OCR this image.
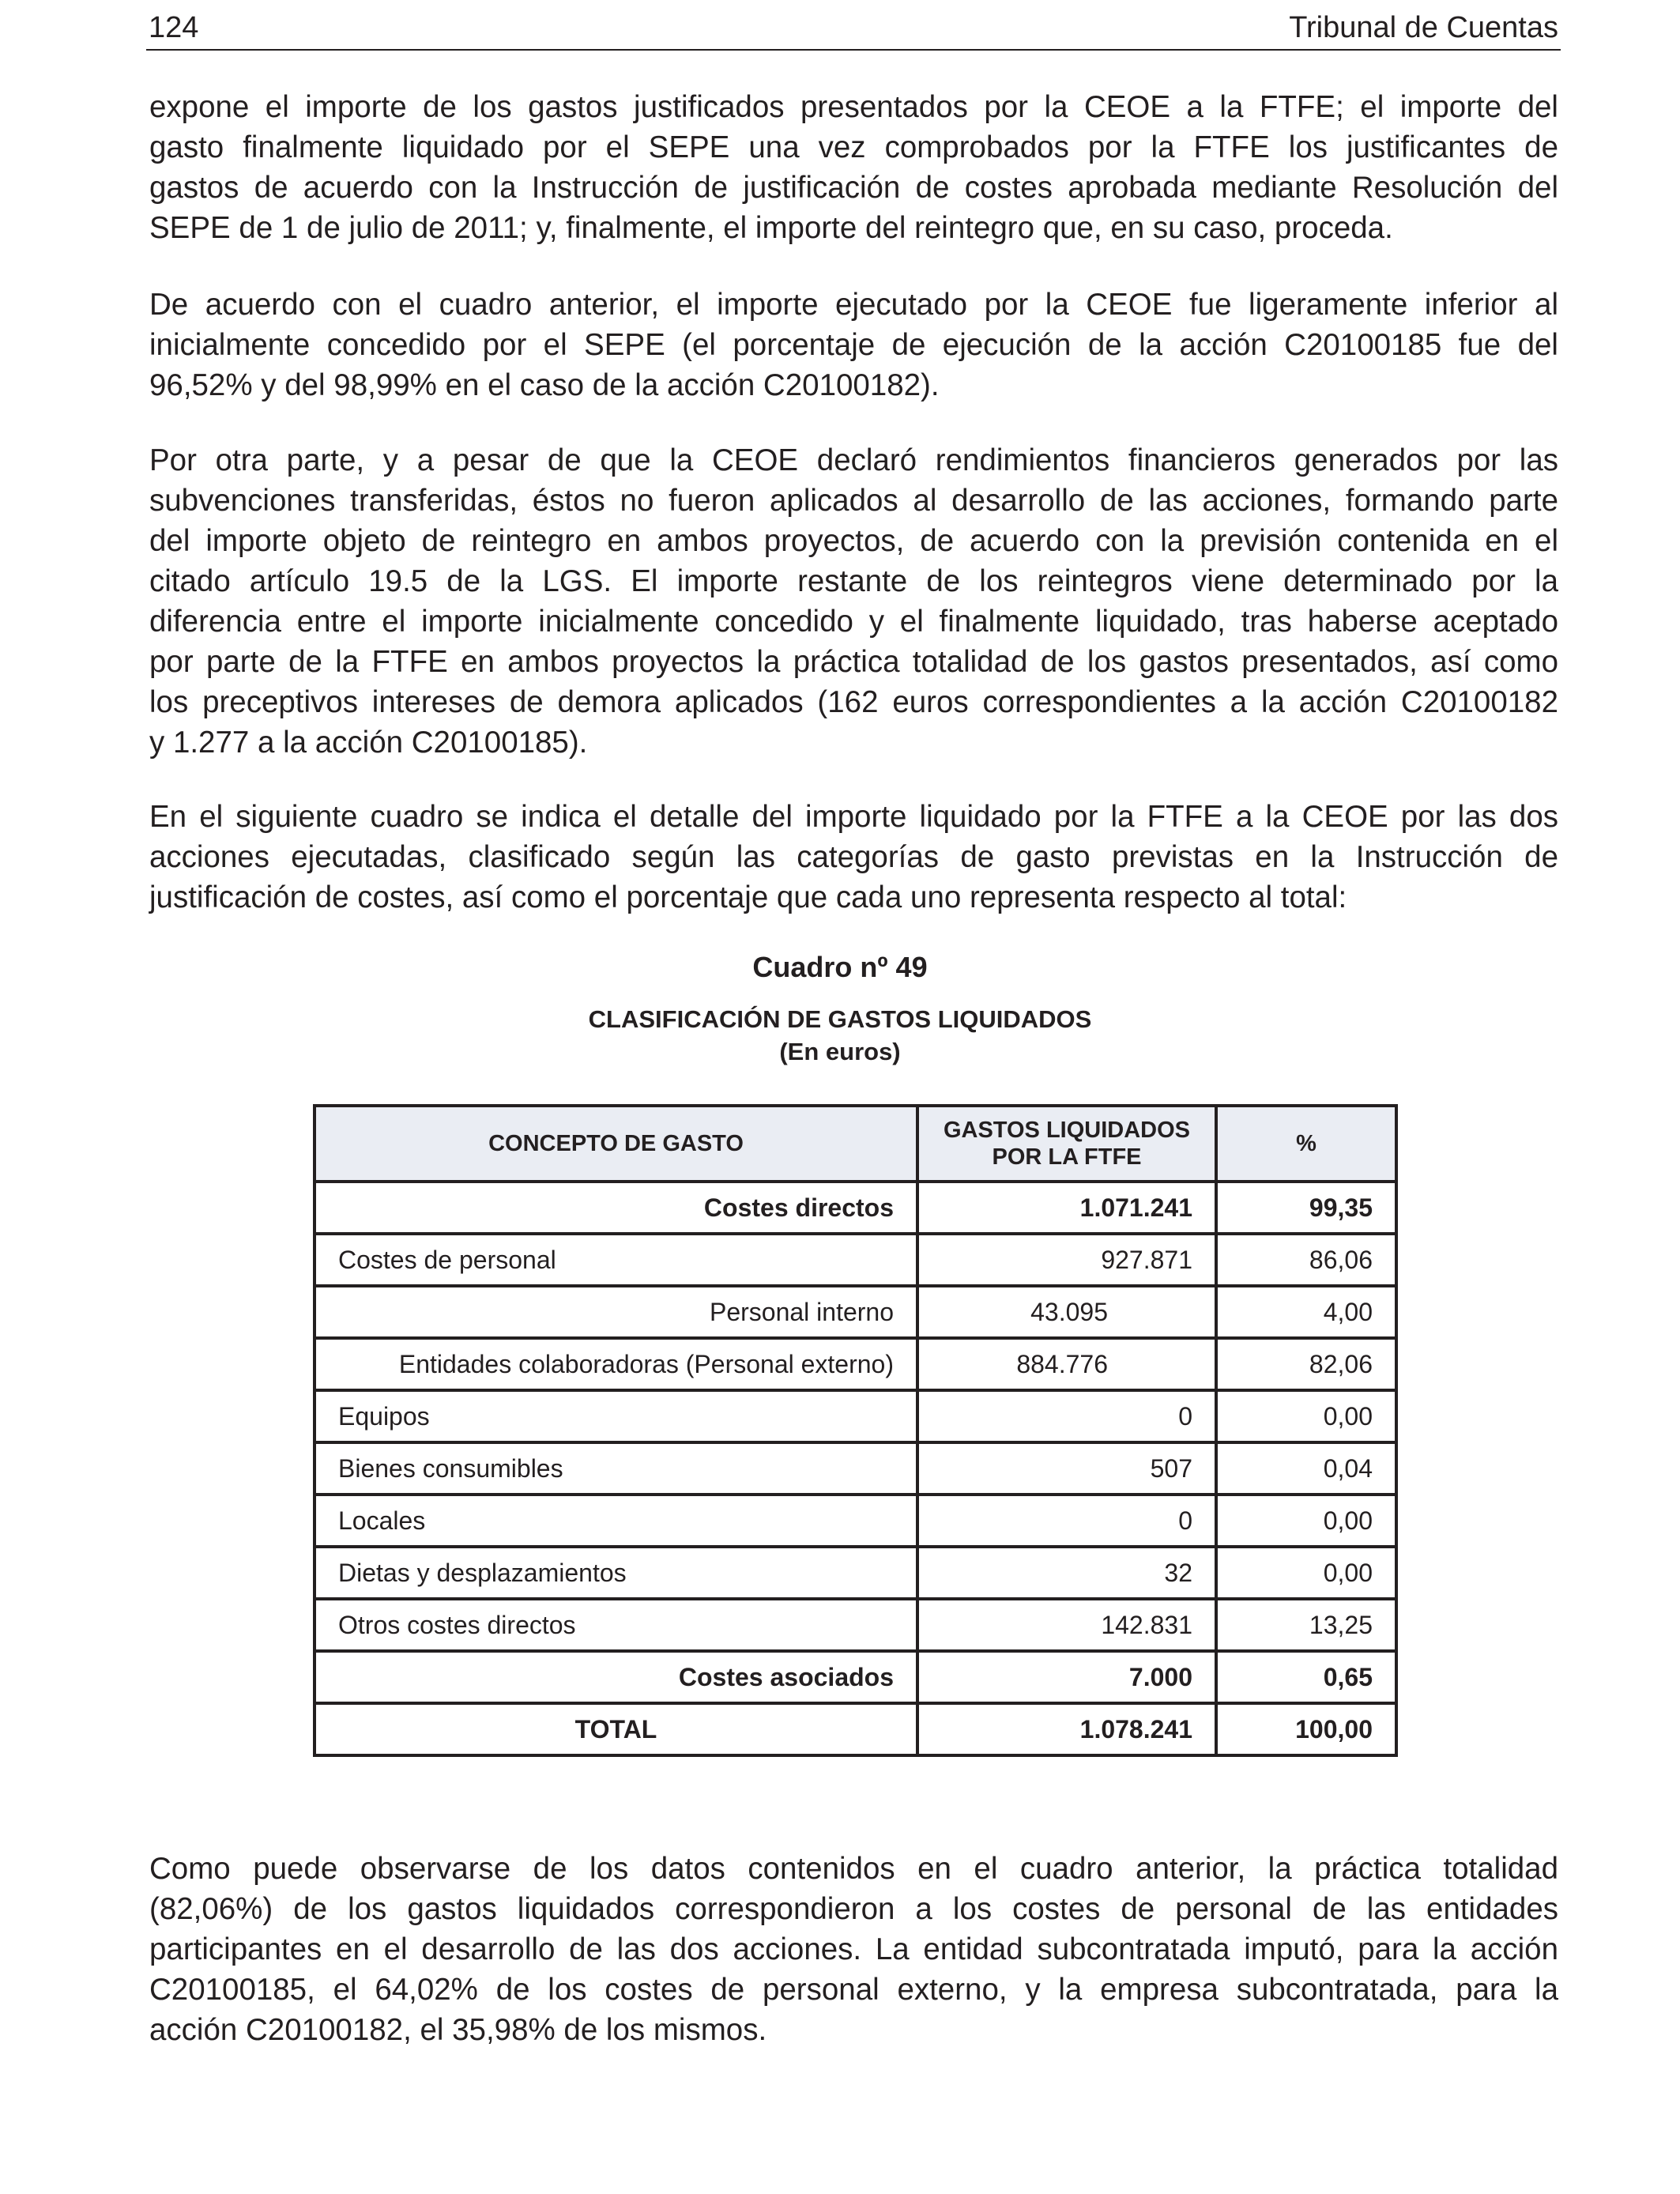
124	Tribunal de Cuentas

expone el importe de los gastos justificados presentados por la CEOE a la FTFE; el importe del
gasto finalmente liquidado por el SEPE una vez comprobados por la FTFE los justificantes de
gastos de acuerdo con la Instrucción de justificación de costes aprobada mediante Resolución del
SEPE de 1 de julio de 2011; y, finalmente, el importe del reintegro que, en su caso, proceda.

De acuerdo con el cuadro anterior, el importe ejecutado por la CEOE fue ligeramente inferior al
inicialmente concedido por el SEPE (el porcentaje de ejecución de la acción C20100185 fue del
96,52% y del 98,99% en el caso de la acción C20100182).

Por otra parte, y a pesar de que la CEOE declaró rendimientos financieros generados por las
subvenciones transferidas, éstos no fueron aplicados al desarrollo de las acciones, formando parte
del importe objeto de reintegro en ambos proyectos, de acuerdo con la previsión contenida en el
citado artículo 19.5 de la LGS. El importe restante de los reintegros viene determinado por la
diferencia entre el importe inicialmente concedido y el finalmente liquidado, tras haberse aceptado
por parte de la FTFE en ambos proyectos la práctica totalidad de los gastos presentados, así como
los preceptivos intereses de demora aplicados (162 euros correspondientes a la acción C20100182
y 1.277 a la acción C20100185).

En el siguiente cuadro se indica el detalle del importe liquidado por la FTFE a la CEOE por las dos
acciones ejecutadas, clasificado según las categorías de gasto previstas en la Instrucción de
justificación de costes, así como el porcentaje que cada uno representa respecto al total:

Cuadro nº 49
CLASIFICACIÓN DE GASTOS LIQUIDADOS
(En euros)
CONCEPTO DE GASTO	GASTOS LIQUIDADOS POR LA FTFE	%
Costes directos	1.071.241	99,35
Costes de personal	927.871	86,06
Personal interno	43.095	4,00
Entidades colaboradoras (Personal externo)	884.776	82,06
Equipos	0	0,00
Bienes consumibles	507	0,04
Locales	0	0,00
Dietas y desplazamientos	32	0,00
Otros costes directos	142.831	13,25
Costes asociados	7.000	0,65
TOTAL	1.078.241	100,00

Como puede observarse de los datos contenidos en el cuadro anterior, la práctica totalidad
(82,06%) de los gastos liquidados correspondieron a los costes de personal de las entidades
participantes en el desarrollo de las dos acciones. La entidad subcontratada imputó, para la acción
C20100185, el 64,02% de los costes de personal externo, y la empresa subcontratada, para la
acción C20100182, el 35,98% de los mismos.
